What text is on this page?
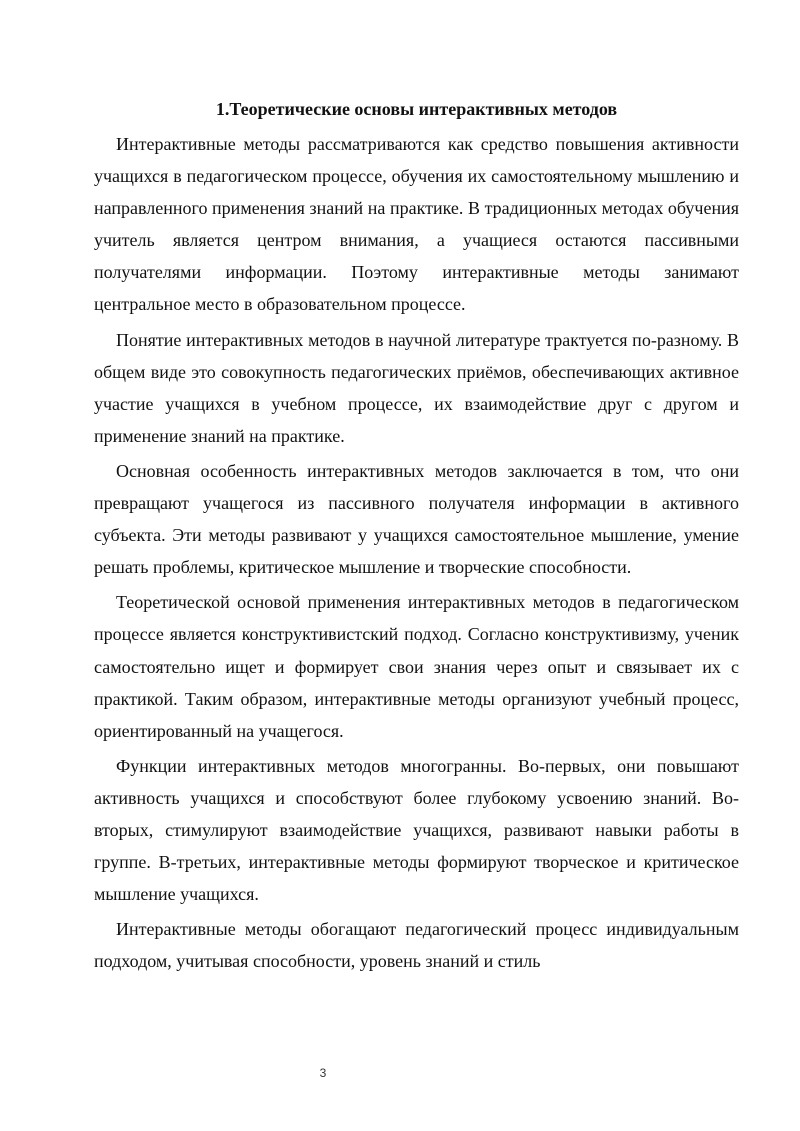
1.Теоретические основы интерактивных методов

Интерактивные методы рассматриваются как средство повышения активности учащихся в педагогическом процессе, обучения их самостоятельному мышлению и направленного применения знаний на практике. В традиционных методах обучения учитель является центром внимания, а учащиеся остаются пассивными получателями информации. Поэтому интерактивные методы занимают центральное место в образовательном процессе.

Понятие интерактивных методов в научной литературе трактуется по-разному. В общем виде это совокупность педагогических приёмов, обеспечивающих активное участие учащихся в учебном процессе, их взаимодействие друг с другом и применение знаний на практике.

Основная особенность интерактивных методов заключается в том, что они превращают учащегося из пассивного получателя информации в активного субъекта. Эти методы развивают у учащихся самостоятельное мышление, умение решать проблемы, критическое мышление и творческие способности.

Теоретической основой применения интерактивных методов в педагогическом процессе является конструктивистский подход. Согласно конструктивизму, ученик самостоятельно ищет и формирует свои знания через опыт и связывает их с практикой. Таким образом, интерактивные методы организуют учебный процесс, ориентированный на учащегося.

Функции интерактивных методов многогранны. Во-первых, они повышают активность учащихся и способствуют более глубокому усвоению знаний. Во-вторых, стимулируют взаимодействие учащихся, развивают навыки работы в группе. В-третьих, интерактивные методы формируют творческое и критическое мышление учащихся.

Интерактивные методы обогащают педагогический процесс индивидуальным подходом, учитывая способности, уровень знаний и стиль

3
